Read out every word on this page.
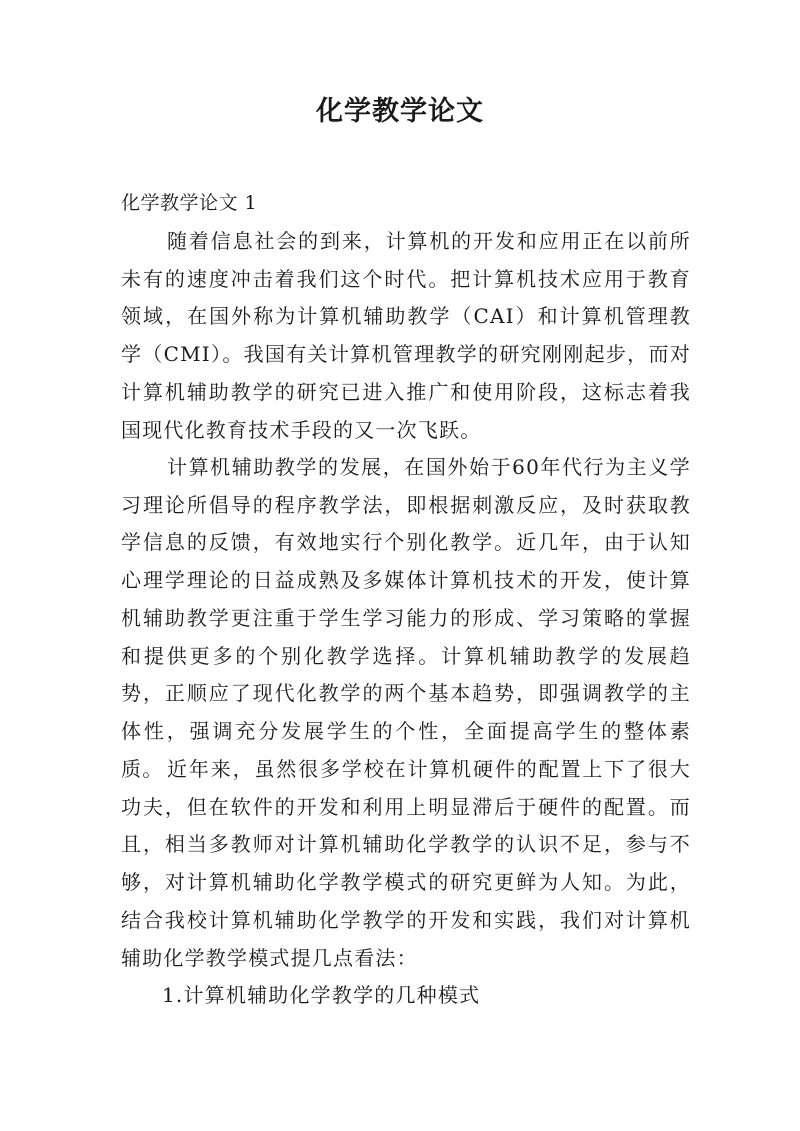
化学教学论文

化学教学论文 1

随着信息社会的到来，计算机的开发和应用正在以前所未有的速度冲击着我们这个时代。把计算机技术应用于教育领域，在国外称为计算机辅助教学（CAI）和计算机管理教学（CMI）。我国有关计算机管理教学的研究刚刚起步，而对计算机辅助教学的研究已进入推广和使用阶段，这标志着我国现代化教育技术手段的又一次飞跃。

计算机辅助教学的发展，在国外始于60年代行为主义学习理论所倡导的程序教学法，即根据刺激反应，及时获取教学信息的反馈，有效地实行个别化教学。近几年，由于认知心理学理论的日益成熟及多媒体计算机技术的开发，使计算机辅助教学更注重于学生学习能力的形成、学习策略的掌握和提供更多的个别化教学选择。计算机辅助教学的发展趋势，正顺应了现代化教学的两个基本趋势，即强调教学的主体性，强调充分发展学生的个性，全面提高学生的整体素质。 近年来，虽然很多学校在计算机硬件的配置上下了很大功夫，但在软件的开发和利用上明显滞后于硬件的配置。而且，相当多教师对计算机辅助化学教学的认识不足，参与不够，对计算机辅助化学教学模式的研究更鲜为人知。为此，结合我校计算机辅助化学教学的开发和实践，我们对计算机辅助化学教学模式提几点看法：

1.计算机辅助化学教学的几种模式
